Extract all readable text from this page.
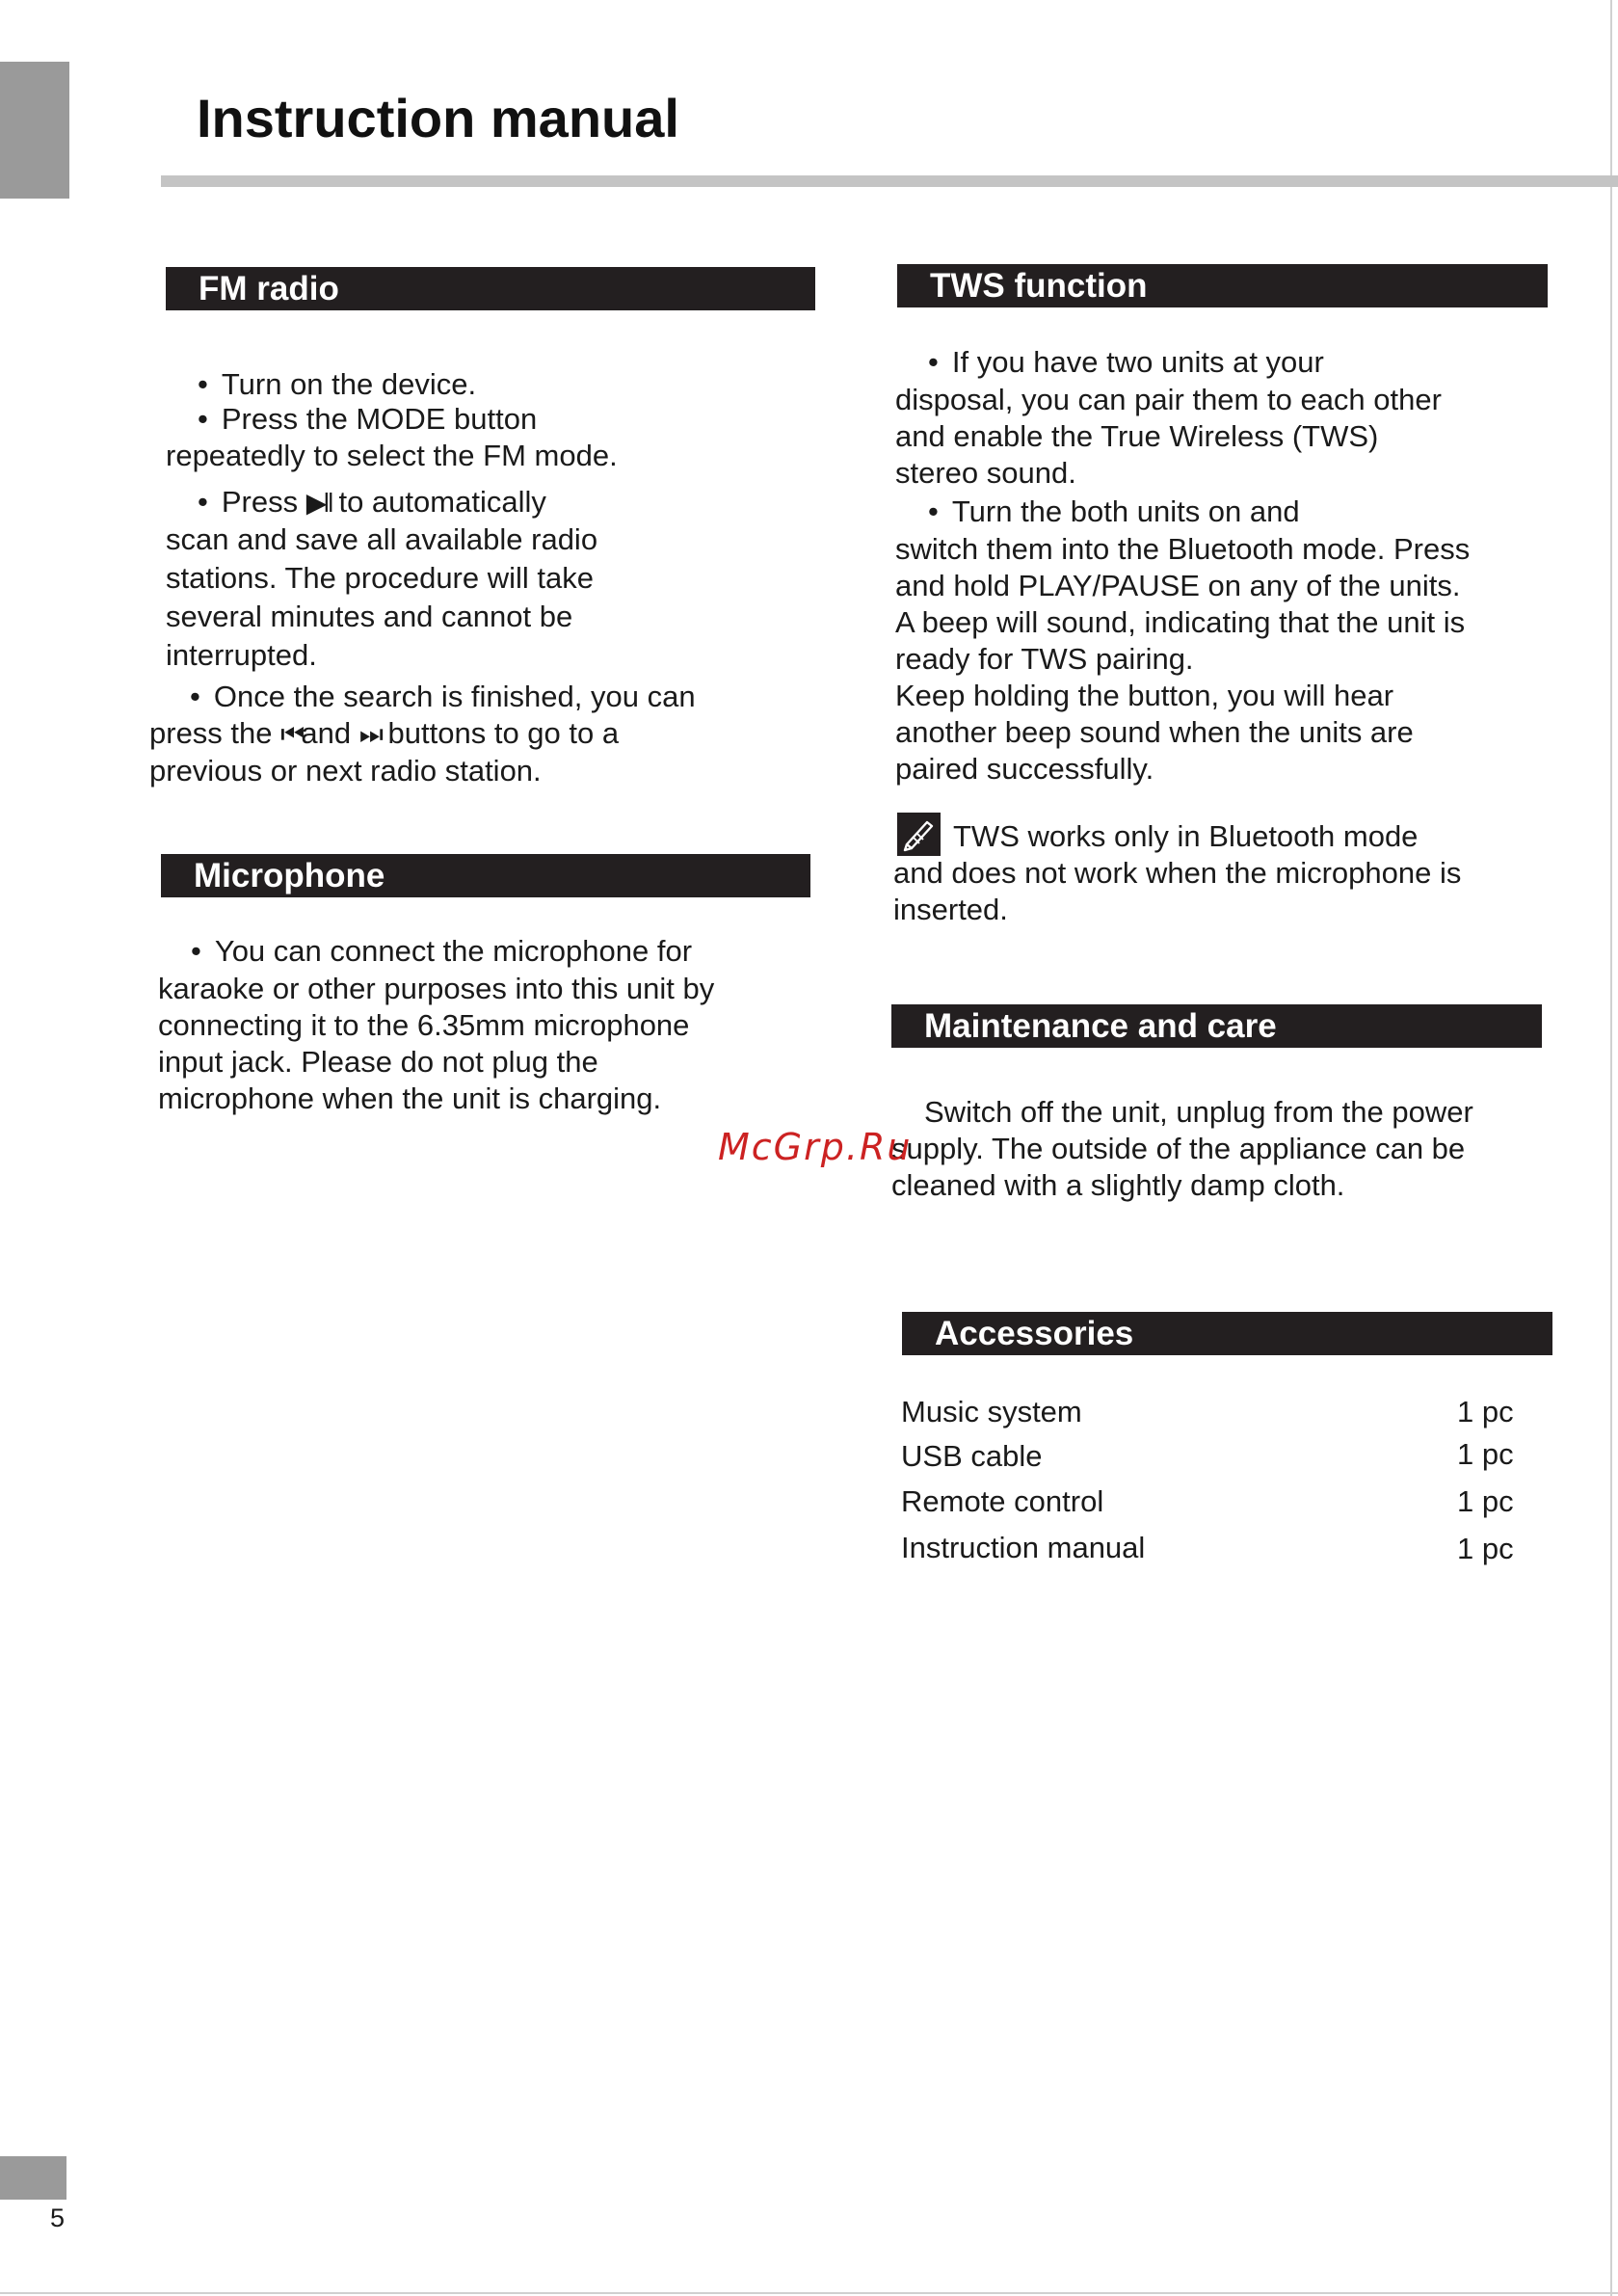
Instruction manual
5
FM radio
• Turn on the device.
• Press the MODE button
repeatedly to select the FM mode.
• Press ▶‖ to automatically
scan and save all available radio
stations. The procedure will take
several minutes and cannot be
interrupted.
• Once the search is finished, you can
press the ⏮and ⏭ buttons to go to a
previous or next radio station.
Microphone
• You can connect the microphone for
karaoke or other purposes into this unit by
connecting it to the 6.35mm microphone
input jack. Please do not plug the
microphone when the unit is charging.
TWS function
• If you have two units at your
disposal, you can pair them to each other
and enable the True Wireless (TWS)
stereo sound.
• Turn the both units on and
switch them into the Bluetooth mode. Press
and hold PLAY/PAUSE on any of the units.
A beep will sound, indicating that the unit is
ready for TWS pairing.
Keep holding the button, you will hear
another beep sound when the units are
paired successfully.
TWS works only in Bluetooth mode
and does not work when the microphone is
inserted.
Maintenance and care
Switch off the unit, unplug from the power
supply. The outside of the appliance can be
cleaned with a slightly damp cloth.
McGrp.Ru
Accessories
Music system	1 pc
USB cable	1 pc
Remote control	1 pc
Instruction manual	1 pc
